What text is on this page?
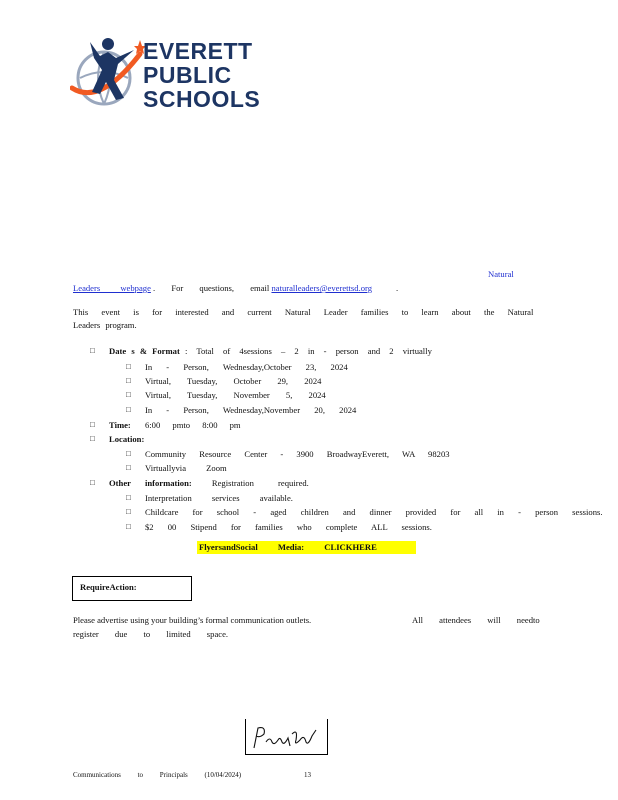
EVERETT
PUBLIC
SCHOOLS
Natural
Leaders webpage . For questions, email naturalleaders@everettsd.org	.
This event is for interested and current Natural Leader families to learn about the Natural
Leaders program.
□ Date s & Format : Total of 4sessions – 2 in - person and 2 virtually
□ In - Person, Wednesday,October 23, 2024
□ Virtual, Tuesday, October 29, 2024
□ Virtual, Tuesday, November 5, 2024
□ In - Person, Wednesday,November 20, 2024
□ Time: 6:00 pmto 8:00 pm
□ Location:
□ Community Resource Center - 3900 BroadwayEverett, WA 98203
□ Virtuallyvia Zoom
□ Other information: Registration required.
□ Interpretation services available.
□ Childcare for school - aged children and dinner provided for all in - person sessions.
□ $2 00 Stipend for families who complete ALL sessions.
FlyersandSocial Media: CLICKHERE
RequireAction:
Please advertise using your building’s formal communication outlets.	All attendees will needto
register due to limited space.
Communications to Principals (10/04/2024)	13
